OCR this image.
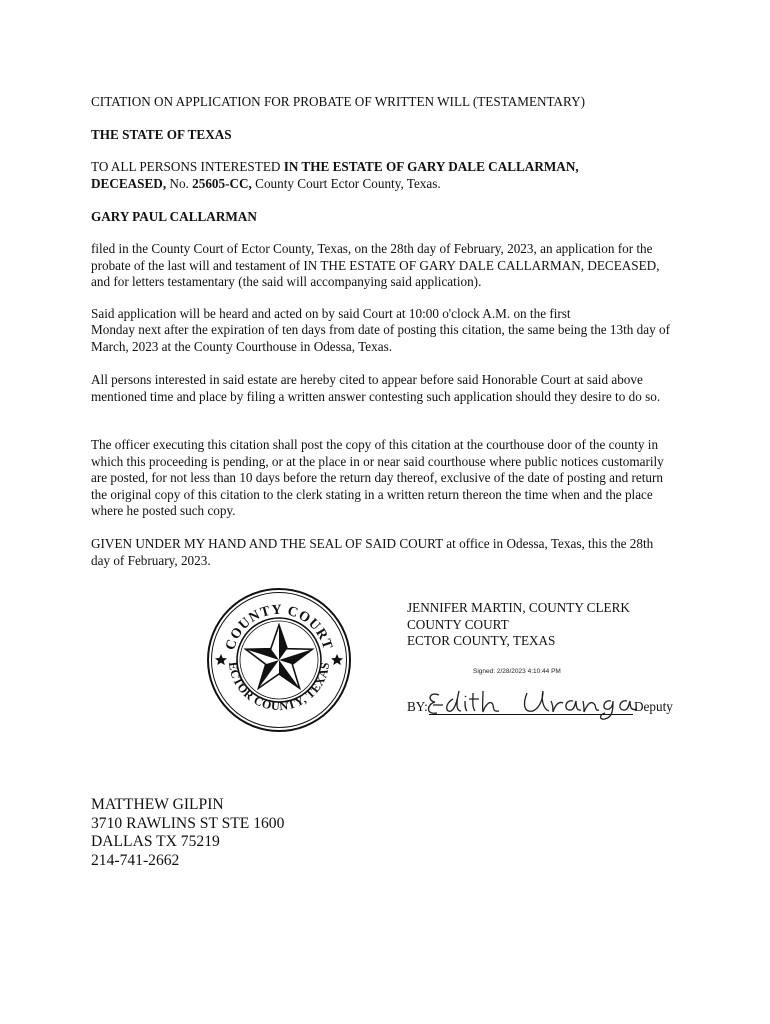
CITATION ON APPLICATION FOR PROBATE OF WRITTEN WILL (TESTAMENTARY)
THE STATE OF TEXAS
TO ALL PERSONS INTERESTED IN THE ESTATE OF GARY DALE CALLARMAN, DECEASED, No. 25605-CC, County Court Ector County, Texas.
GARY PAUL CALLARMAN
filed in the County Court of Ector County, Texas, on the 28th day of February, 2023, an application for the probate of the last will and testament of IN THE ESTATE OF GARY DALE CALLARMAN, DECEASED, and for letters testamentary (the said will accompanying said application).
Said application will be heard and acted on by said Court at 10:00 o'clock A.M. on the first
Monday next after the expiration of ten days from date of posting this citation, the same being the 13th day of March, 2023 at the County Courthouse in Odessa, Texas.
All persons interested in said estate are hereby cited to appear before said Honorable Court at said above mentioned time and place by filing a written answer contesting such application should they desire to do so.
The officer executing this citation shall post the copy of this citation at the courthouse door of the county in which this proceeding is pending, or at the place in or near said courthouse where public notices customarily are posted, for not less than 10 days before the return day thereof, exclusive of the date of posting and return the original copy of this citation to the clerk stating in a written return thereon the time when and the place where he posted such copy.
GIVEN UNDER MY HAND AND THE SEAL OF SAID COURT at office in Odessa, Texas, this the 28th day of February, 2023.
COUNTY COURT
ECTOR COUNTY, TEXAS
JENNIFER MARTIN, COUNTY CLERK
COUNTY COURT
ECTOR COUNTY, TEXAS
Signed: 2/28/2023 4:10:44 PM
BY:	Deputy
MATTHEW GILPIN
3710 RAWLINS ST STE 1600
DALLAS TX 75219
214-741-2662
